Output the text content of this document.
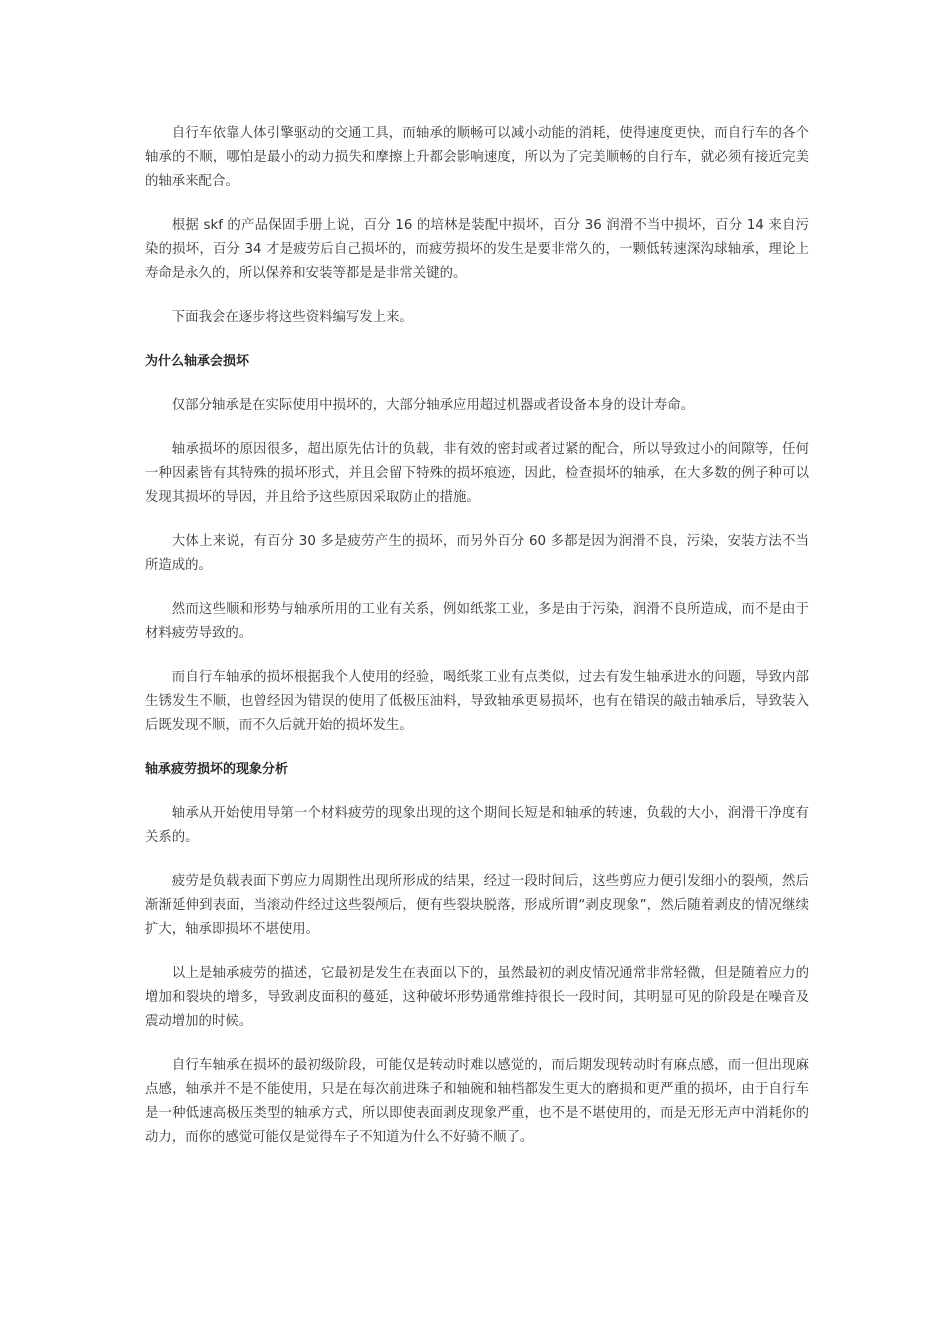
自行车依靠人体引擎驱动的交通工具，而轴承的顺畅可以减小动能的消耗，使得速度更快，而自行车的各个轴承的不顺，哪怕是最小的动力损失和摩擦上升都会影响速度，所以为了完美顺畅的自行车，就必须有接近完美的轴承来配合。

根据 skf 的产品保固手册上说，百分 16 的培林是装配中损坏，百分 36 润滑不当中损坏，百分 14 来自污染的损坏，百分 34 才是疲劳后自己损坏的，而疲劳损坏的发生是要非常久的，一颗低转速深沟球轴承，理论上寿命是永久的，所以保养和安装等都是是非常关键的。

下面我会在逐步将这些资料编写发上来。

为什么轴承会损坏

仅部分轴承是在实际使用中损坏的，大部分轴承应用超过机器或者设备本身的设计寿命。

轴承损坏的原因很多，超出原先估计的负载，非有效的密封或者过紧的配合，所以导致过小的间隙等，任何一种因素皆有其特殊的损坏形式，并且会留下特殊的损坏痕迹，因此，检查损坏的轴承，在大多数的例子种可以发现其损坏的导因，并且给予这些原因采取防止的措施。

大体上来说，有百分 30 多是疲劳产生的损坏，而另外百分 60 多都是因为润滑不良，污染，安装方法不当所造成的。

然而这些顺和形势与轴承所用的工业有关系，例如纸浆工业，多是由于污染，润滑不良所造成，而不是由于材料疲劳导致的。

而自行车轴承的损坏根据我个人使用的经验，喝纸浆工业有点类似，过去有发生轴承进水的问题，导致内部生锈发生不顺，也曾经因为错误的使用了低极压油料，导致轴承更易损坏，也有在错误的敲击轴承后，导致装入后既发现不顺，而不久后就开始的损坏发生。

轴承疲劳损坏的现象分析

轴承从开始使用导第一个材料疲劳的现象出现的这个期间长短是和轴承的转速，负载的大小，润滑干净度有关系的。

疲劳是负载表面下剪应力周期性出现所形成的结果，经过一段时间后，这些剪应力便引发细小的裂颅，然后渐渐延伸到表面，当滚动件经过这些裂颅后，便有些裂块脱落，形成所谓“剥皮现象”，然后随着剥皮的情况继续扩大，轴承即损坏不堪使用。

以上是轴承疲劳的描述，它最初是发生在表面以下的，虽然最初的剥皮情况通常非常轻微，但是随着应力的增加和裂块的增多，导致剥皮面积的蔓延，这种破坏形势通常维持很长一段时间，其明显可见的阶段是在噪音及震动增加的时候。

自行车轴承在损坏的最初级阶段，可能仅是转动时难以感觉的，而后期发现转动时有麻点感，而一但出现麻点感，轴承并不是不能使用，只是在每次前进珠子和轴碗和轴档都发生更大的磨损和更严重的损坏，由于自行车是一种低速高极压类型的轴承方式，所以即使表面剥皮现象严重，也不是不堪使用的，而是无形无声中消耗你的动力，而你的感觉可能仅是觉得车子不知道为什么不好骑不顺了。
